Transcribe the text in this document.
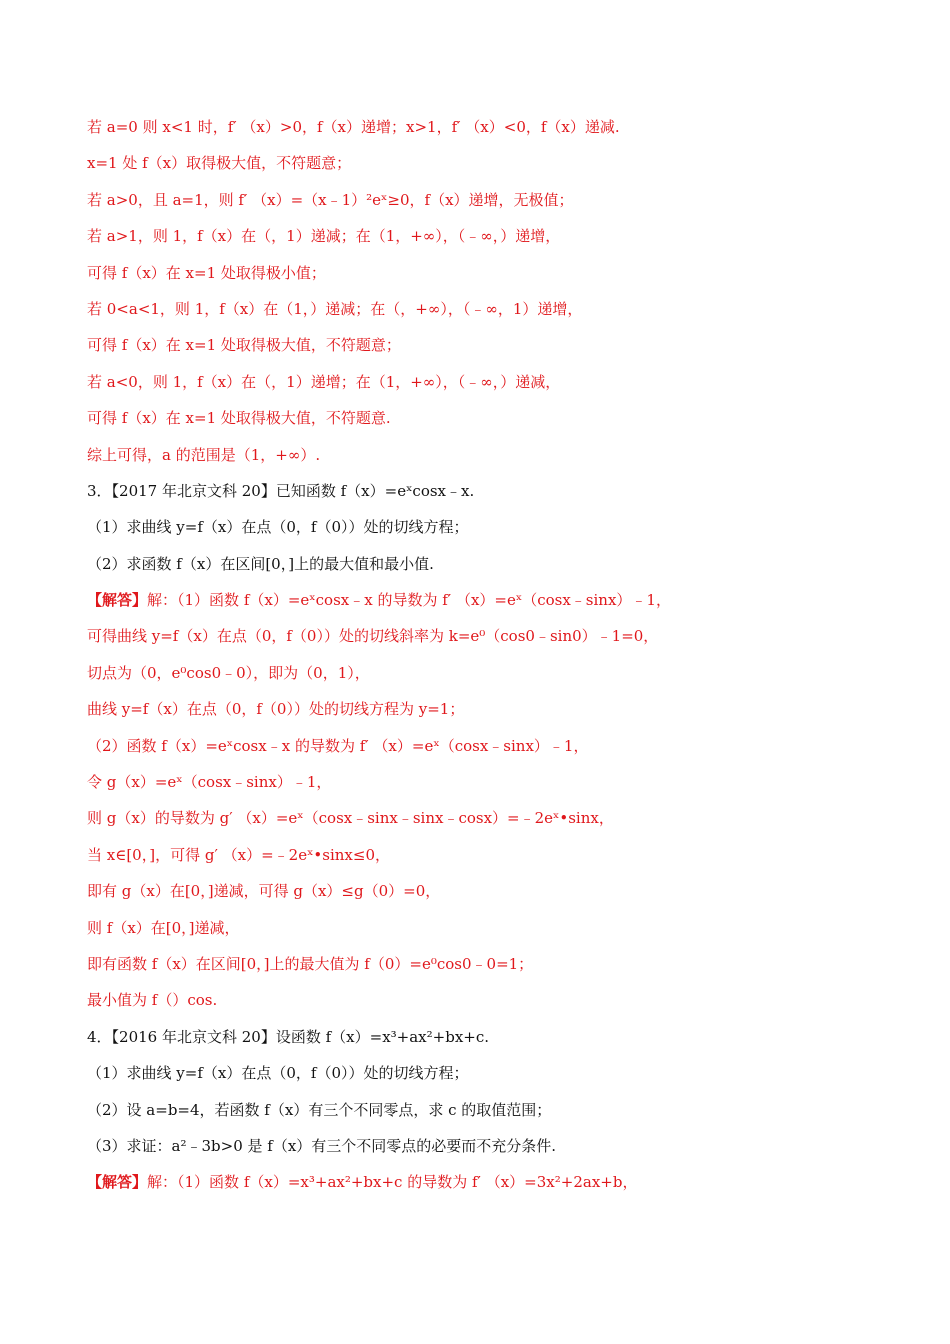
若 a=0 则 x<1 时，f′ （x）>0，f（x）递增；x>1，f′ （x）<0，f（x）递减.
x=1 处 f（x）取得极大值，不符题意；
若 a>0，且 a=1，则 f′ （x）=（x﹣1）²eˣ≥0，f（x）递增，无极值；
若 a>1，则 1，f（x）在（，1）递减；在（1，+∞），（﹣∞，）递增，
可得 f（x）在 x=1 处取得极小值；
若 0<a<1，则 1，f（x）在（1，）递减；在（，+∞），（﹣∞，1）递增，
可得 f（x）在 x=1 处取得极大值，不符题意；
若 a<0，则 1，f（x）在（，1）递增；在（1，+∞），（﹣∞，）递减，
可得 f（x）在 x=1 处取得极大值，不符题意.
综上可得，a 的范围是（1，+∞）.
3．【2017 年北京文科 20】已知函数 f（x）=eˣcosx﹣x.
（1）求曲线 y=f（x）在点（0，f（0））处的切线方程；
（2）求函数 f（x）在区间[0，]上的最大值和最小值.
【解答】解：（1）函数 f（x）=eˣcosx﹣x 的导数为 f′ （x）=eˣ（cosx﹣sinx）﹣1，
可得曲线 y=f（x）在点（0，f（0））处的切线斜率为 k=e⁰（cos0﹣sin0）﹣1=0，
切点为（0，e⁰cos0﹣0），即为（0，1），
曲线 y=f（x）在点（0，f（0））处的切线方程为 y=1；
（2）函数 f（x）=eˣcosx﹣x 的导数为 f′ （x）=eˣ（cosx﹣sinx）﹣1，
令 g（x）=eˣ（cosx﹣sinx）﹣1，
则 g（x）的导数为 g′ （x）=eˣ（cosx﹣sinx﹣sinx﹣cosx）=﹣2eˣ•sinx，
当 x∈[0，]，可得 g′ （x）=﹣2eˣ•sinx≤0，
即有 g（x）在[0，]递减，可得 g（x）≤g（0）=0，
则 f（x）在[0，]递减，
即有函数 f（x）在区间[0，]上的最大值为 f（0）=e⁰cos0﹣0=1；
最小值为 f（）cos.
4．【2016 年北京文科 20】设函数 f（x）=x³+ax²+bx+c.
（1）求曲线 y=f（x）在点（0，f（0））处的切线方程；
（2）设 a=b=4，若函数 f（x）有三个不同零点，求 c 的取值范围；
（3）求证：a²﹣3b>0 是 f（x）有三个不同零点的必要而不充分条件.
【解答】解：（1）函数 f（x）=x³+ax²+bx+c 的导数为 f′ （x）=3x²+2ax+b，
